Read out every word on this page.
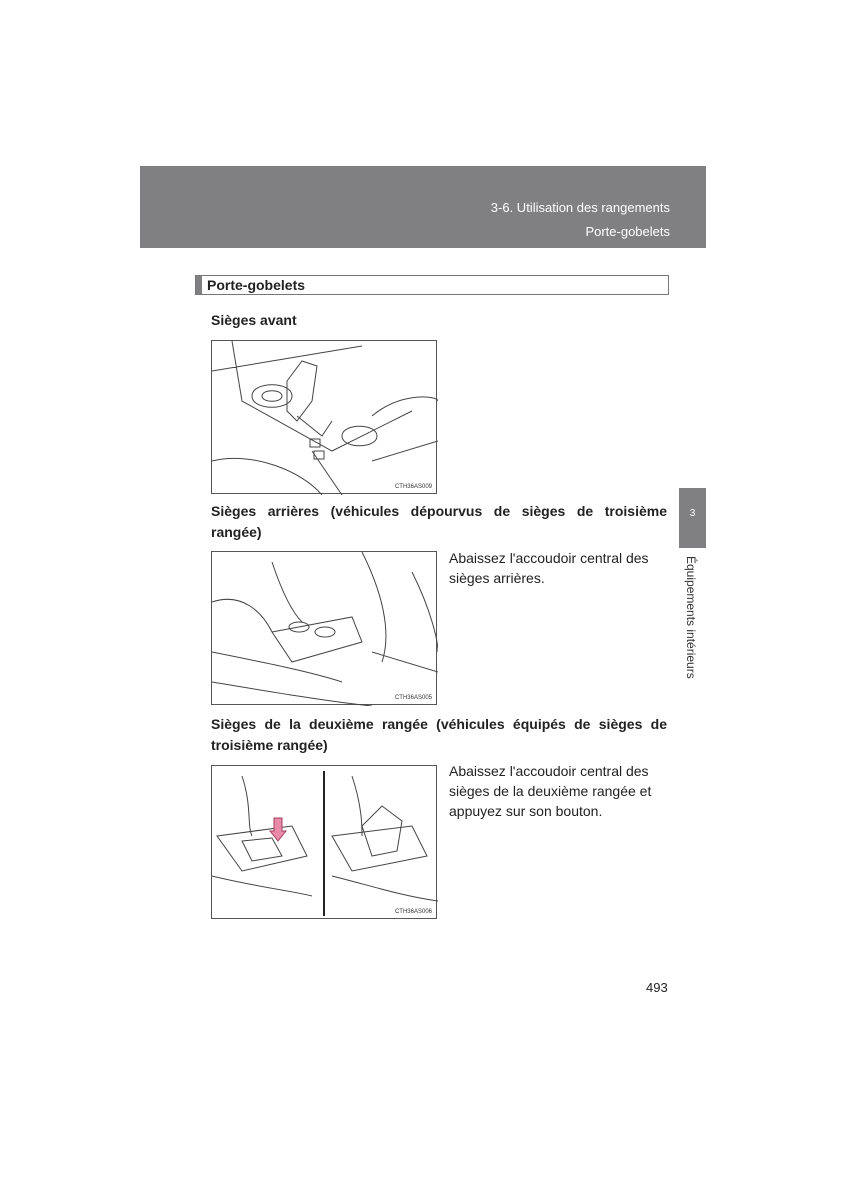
3-6. Utilisation des rangements
Porte-gobelets
Porte-gobelets
Sièges avant
CTH36AS009
Sièges arrières (véhicules dépourvus de sièges de troisième rangée)
CTH36AS005
Abaissez l'accoudoir central des sièges arrières.
Sièges de la deuxième rangée (véhicules équipés de sièges de troisième rangée)
CTH36AS006
Abaissez l'accoudoir central des sièges de la deuxième rangée et appuyez sur son bouton.
3
Équipements intérieurs
493
